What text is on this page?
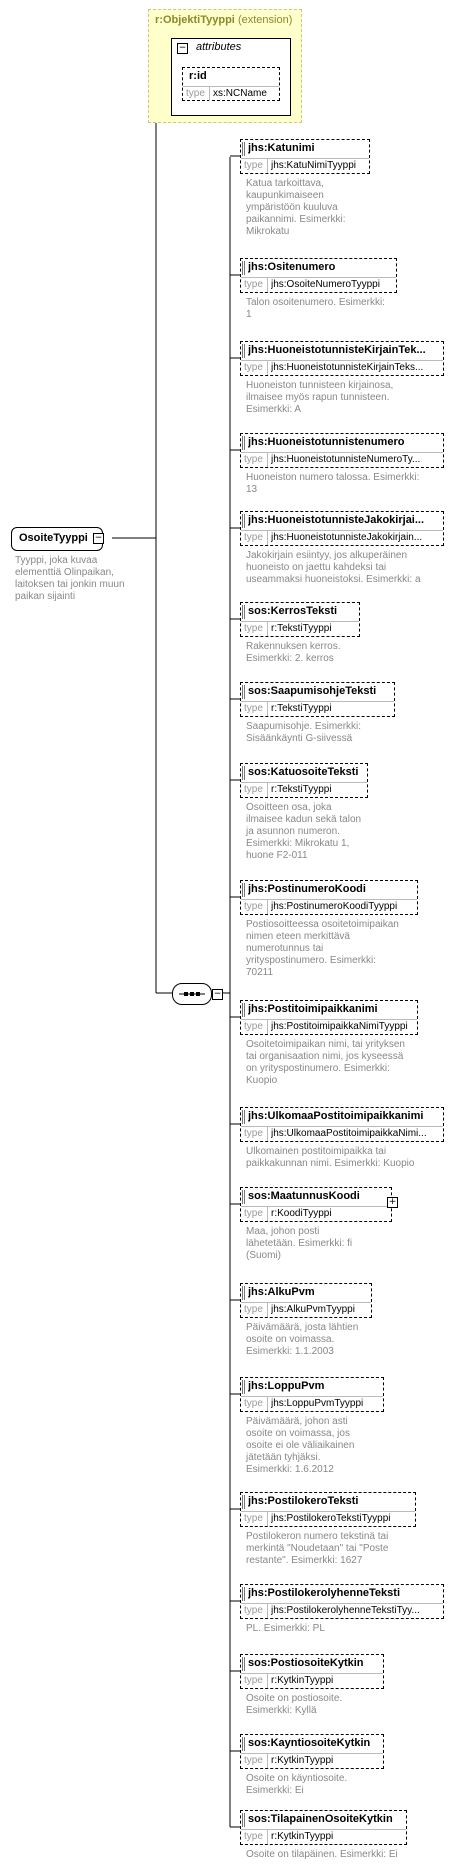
r:ObjektiTyyppi (extension)
− attributes
r:id
type xs:NCName
OsoiteTyyppi −
Tyyppi, joka kuvaa elementtiä Olinpaikan, laitoksen tai jonkin muun paikan sijainti
−
jhs:Katunimi
type jhs:KatuNimiTyyppi
Katua tarkoittava,
kaupunkimaiseen
ympäristöön kuuluva
paikannimi. Esimerkki:
Mikrokatu
jhs:Ositenumero
type jhs:OsoiteNumeroTyyppi
Talon osoitenumero. Esimerkki:
1
jhs:HuoneistotunnisteKirjainTek...
type jhs:HuoneistotunnisteKirjainTeks...
Huoneiston tunnisteen kirjainosa,
ilmaisee myös rapun tunnisteen.
Esimerkki: A
jhs:Huoneistotunnistenumero
type jhs:HuoneistotunnisteNumeroTy...
Huoneiston numero talossa. Esimerkki:
13
jhs:HuoneistotunnisteJakokirjai...
type jhs:HuoneistotunnisteJakokirjain...
Jakokirjain esiintyy, jos alkuperäinen
huoneisto on jaettu kahdeksi tai
useammaksi huoneistoksi. Esimerkki: a
sos:KerrosTeksti
type r:TekstiTyyppi
Rakennuksen kerros.
Esimerkki: 2. kerros
sos:SaapumisohjeTeksti
type r:TekstiTyyppi
Saapumisohje. Esimerkki:
Sisäänkäynti G-siivessä
sos:KatuosoiteTeksti
type r:TekstiTyyppi
Osoitteen osa, joka
ilmaisee kadun sekä talon
ja asunnon numeron.
Esimerkki: Mikrokatu 1,
huone F2-011
jhs:PostinumeroKoodi
type jhs:PostinumeroKoodiTyyppi
Postiosoitteessa osoitetoimipaikan
nimen eteen merkittävä
numerotunnus tai
yrityspostinumero. Esimerkki:
70211
jhs:Postitoimipaikkanimi
type jhs:PostitoimipaikkaNimiTyyppi
Osoitetoimipaikan nimi, tai yrityksen
tai organisaation nimi, jos kyseessä
on yrityspostinumero. Esimerkki:
Kuopio
jhs:UlkomaaPostitoimipaikkanimi
type jhs:UlkomaaPostitoimipaikkaNimi...
Ulkomainen postitoimipaikka tai
paikkakunnan nimi. Esimerkki: Kuopio
sos:MaatunnusKoodi
type r:KoodiTyyppi
+
Maa, johon posti
lähetetään. Esimerkki: fi
(Suomi)
jhs:AlkuPvm
type jhs:AlkuPvmTyyppi
Päivämäärä, josta lähtien
osoite on voimassa.
Esimerkki: 1.1.2003
jhs:LoppuPvm
type jhs:LoppuPvmTyyppi
Päivämäärä, johon asti
osoite on voimassa, jos
osoite ei ole väliaikainen
jätetään tyhjäksi.
Esimerkki: 1.6.2012
jhs:PostilokeroTeksti
type jhs:PostilokeroTekstiTyyppi
Postilokeron numero tekstinä tai
merkintä "Noudetaan" tai "Poste
restante". Esimerkki: 1627
jhs:PostilokerolyhenneTeksti
type jhs:PostilokerolyhenneTekstiTyy...
PL. Esimerkki: PL
sos:PostiosoiteKytkin
type r:KytkinTyyppi
Osoite on postiosoite.
Esimerkki: Kyllä
sos:KayntiosoiteKytkin
type r:KytkinTyyppi
Osoite on käyntiosoite.
Esimerkki: Ei
sos:TilapainenOsoiteKytkin
type r:KytkinTyyppi
Osoite on tilapäinen. Esimerkki: Ei
